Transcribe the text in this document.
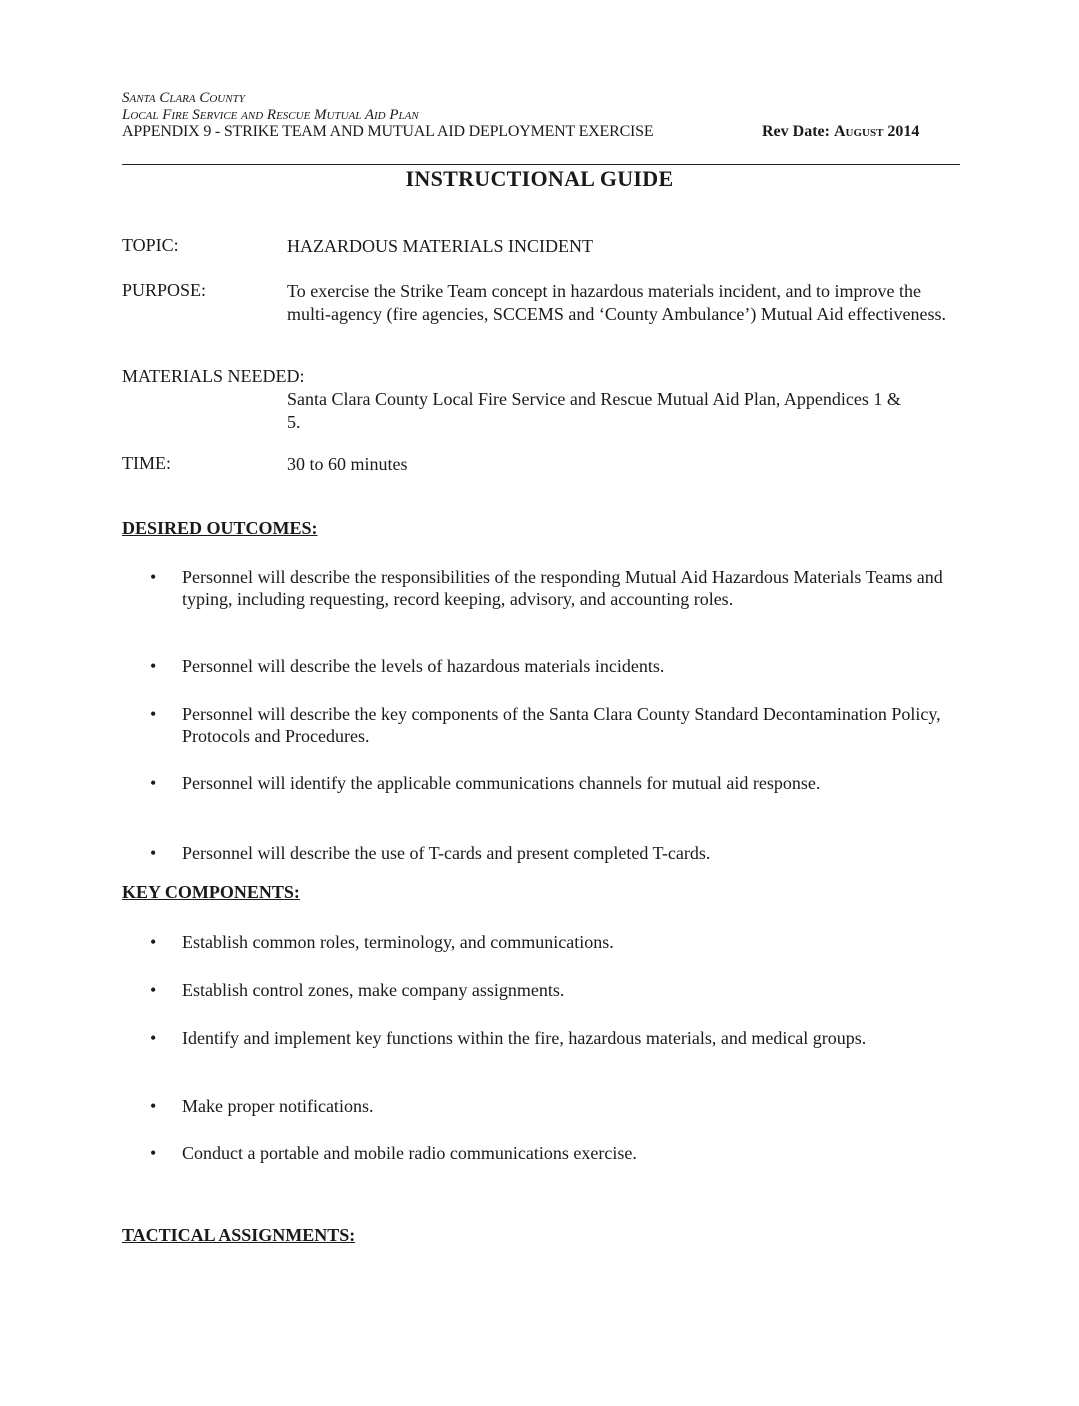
Santa Clara County
Local Fire Service and Rescue Mutual Aid Plan
APPENDIX 9 - STRIKE TEAM AND MUTUAL AID DEPLOYMENT EXERCISE	Rev Date: August 2014
INSTRUCTIONAL GUIDE
TOPIC:	HAZARDOUS MATERIALS INCIDENT
PURPOSE:	To exercise the Strike Team concept in hazardous materials incident, and to improve the multi-agency (fire agencies, SCCEMS and ‘County Ambulance’) Mutual Aid effectiveness.
MATERIALS NEEDED:
Santa Clara County Local Fire Service and Rescue Mutual Aid Plan, Appendices 1 & 5.
TIME:	30 to 60 minutes
DESIRED OUTCOMES:
•	Personnel will describe the responsibilities of the responding Mutual Aid Hazardous Materials Teams and typing, including requesting, record keeping, advisory, and accounting roles.
•	Personnel will describe the levels of hazardous materials incidents.
•	Personnel will describe the key components of the Santa Clara County Standard Decontamination Policy, Protocols and Procedures.
•	Personnel will identify the applicable communications channels for mutual aid response.
•	Personnel will describe the use of T-cards and present completed T-cards.
KEY COMPONENTS:
•	Establish common roles, terminology, and communications.
•	Establish control zones, make company assignments.
•	Identify and implement key functions within the fire, hazardous materials, and medical groups.
•	Make proper notifications.
•	Conduct a portable and mobile radio communications exercise.
TACTICAL ASSIGNMENTS:
